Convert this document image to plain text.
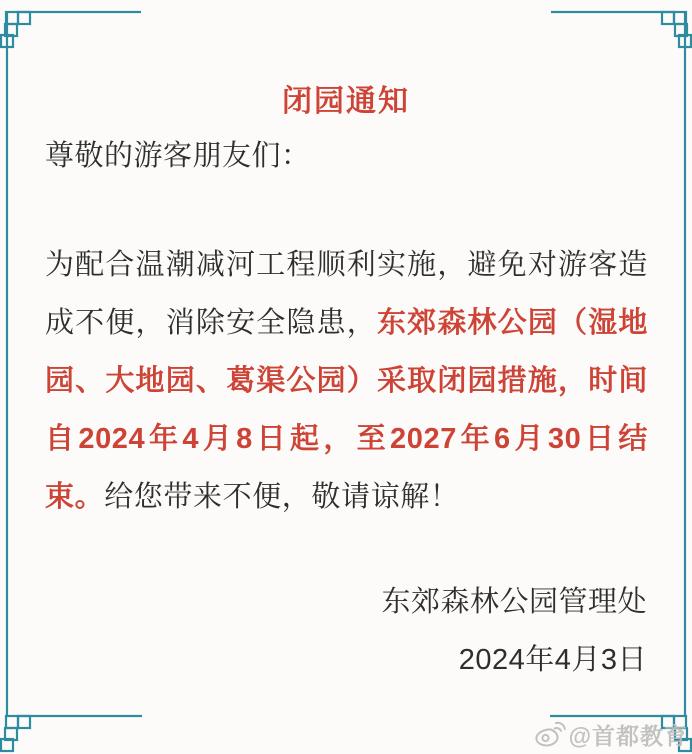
闭园通知

尊敬的游客朋友们：

为配合温潮减河工程顺利实施，避免对游客造
成不便，消除安全隐患，东郊森林公园（湿地
园、大地园、葛渠公园）采取闭园措施，时间
自2024年4月8日起，至2027年6月30日结
束。给您带来不便，敬请谅解！

东郊森林公园管理处

2024年4月3日

@首都教育
